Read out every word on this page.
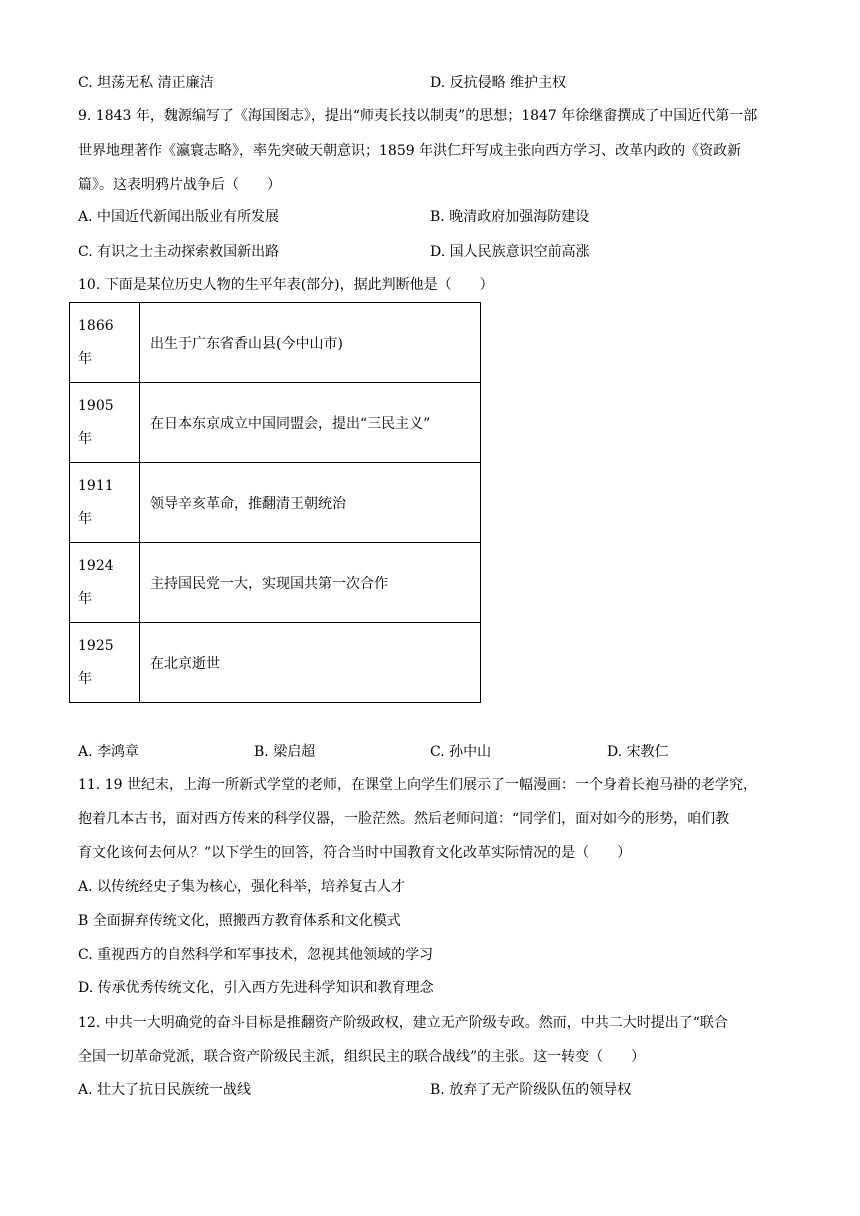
C. 坦荡无私 清正廉洁	D. 反抗侵略 维护主权
9. 1843 年，魏源编写了《海国图志》，提出“师夷长技以制夷”的思想；1847 年徐继畬撰成了中国近代第一部
世界地理著作《瀛寰志略》，率先突破天朝意识；1859 年洪仁玕写成主张向西方学习、改革内政的《资政新
篇》。这表明鸦片战争后（　　）
A. 中国近代新闻出版业有所发展	B. 晚清政府加强海防建设
C. 有识之士主动探索救国新出路	D. 国人民族意识空前高涨
10. 下面是某位历史人物的生平年表(部分)，据此判断他是（　　）
1866
年	出生于广东省香山县(今中山市)

1905
年	在日本东京成立中国同盟会，提出“三民主义”

1911
年	领导辛亥革命，推翻清王朝统治

1924
年	主持国民党一大，实现国共第一次合作

1925
年	在北京逝世
A. 李鸿章	B. 梁启超	C. 孙中山	D. 宋教仁
11. 19 世纪末，上海一所新式学堂的老师，在课堂上向学生们展示了一幅漫画：一个身着长袍马褂的老学究，
抱着几本古书，面对西方传来的科学仪器，一脸茫然。然后老师问道：“同学们，面对如今的形势，咱们教
育文化该何去何从？”以下学生的回答，符合当时中国教育文化改革实际情况的是（　　）
A. 以传统经史子集为核心，强化科举，培养复古人才
B 全面摒弃传统文化，照搬西方教育体系和文化模式
C. 重视西方的自然科学和军事技术，忽视其他领域的学习
D. 传承优秀传统文化，引入西方先进科学知识和教育理念
12. 中共一大明确党的奋斗目标是推翻资产阶级政权，建立无产阶级专政。然而，中共二大时提出了“联合
全国一切革命党派，联合资产阶级民主派，组织民主的联合战线”的主张。这一转变（　　）
A. 壮大了抗日民族统一战线	B. 放弃了无产阶级队伍的领导权
